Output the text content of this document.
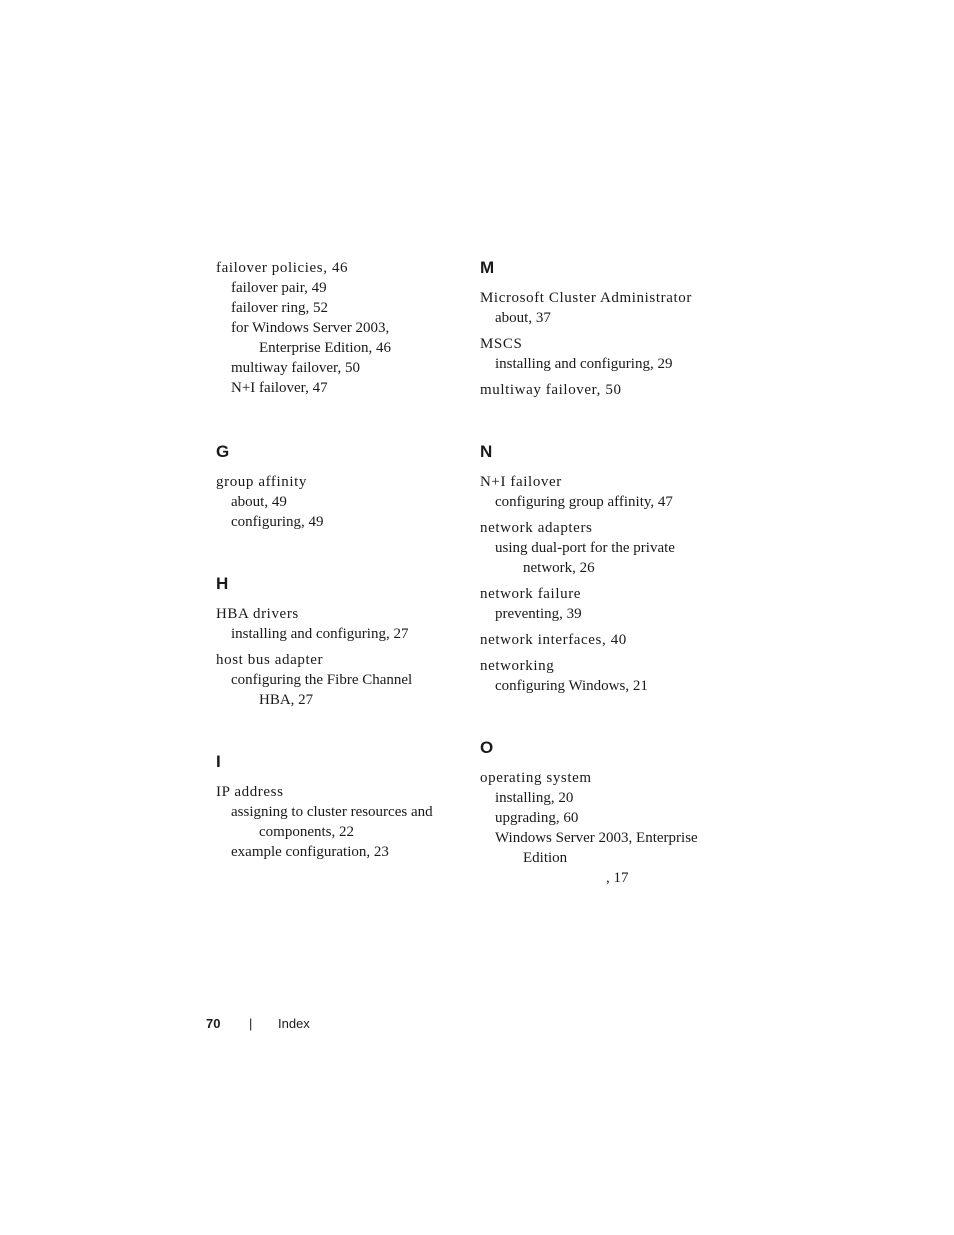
failover policies, 46
failover pair, 49
failover ring, 52
for Windows Server 2003,
Enterprise Edition, 46
multiway failover, 50
N+I failover, 47
G
group affinity
about, 49
configuring, 49
H
HBA drivers
installing and configuring, 27
host bus adapter
configuring the Fibre Channel
HBA, 27
I
IP address
assigning to cluster resources and
components, 22
example configuration, 23
M
Microsoft Cluster Administrator
about, 37
MSCS
installing and configuring, 29
multiway failover, 50
N
N+I failover
configuring group affinity, 47
network adapters
using dual-port for the private
network, 26
network failure
preventing, 39
network interfaces, 40
networking
configuring Windows, 21
O
operating system
installing, 20
upgrading, 60
Windows Server 2003, Enterprise
Edition
, 17
70 | Index
